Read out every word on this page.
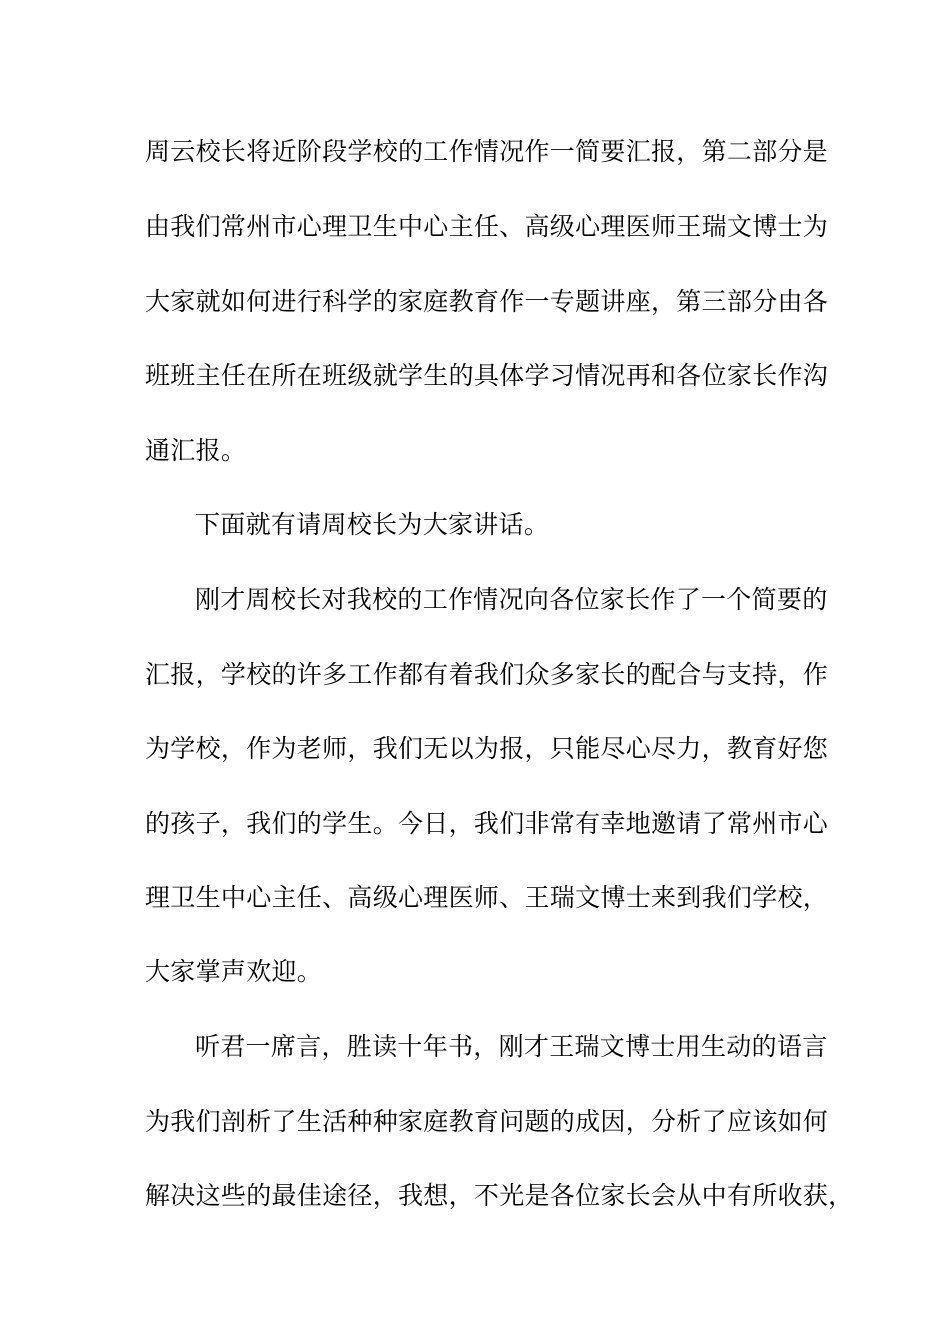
周云校长将近阶段学校的工作情况作一简要汇报，第二部分是
由我们常州市心理卫生中心主任、高级心理医师王瑞文博士为
大家就如何进行科学的家庭教育作一专题讲座，第三部分由各
班班主任在所在班级就学生的具体学习情况再和各位家长作沟
通汇报。
下面就有请周校长为大家讲话。
刚才周校长对我校的工作情况向各位家长作了一个简要的
汇报，学校的许多工作都有着我们众多家长的配合与支持，作
为学校，作为老师，我们无以为报，只能尽心尽力，教育好您
的孩子，我们的学生。今日，我们非常有幸地邀请了常州市心
理卫生中心主任、高级心理医师、王瑞文博士来到我们学校，
大家掌声欢迎。
听君一席言，胜读十年书，刚才王瑞文博士用生动的语言
为我们剖析了生活种种家庭教育问题的成因，分析了应该如何
解决这些的最佳途径，我想，不光是各位家长会从中有所收获，
